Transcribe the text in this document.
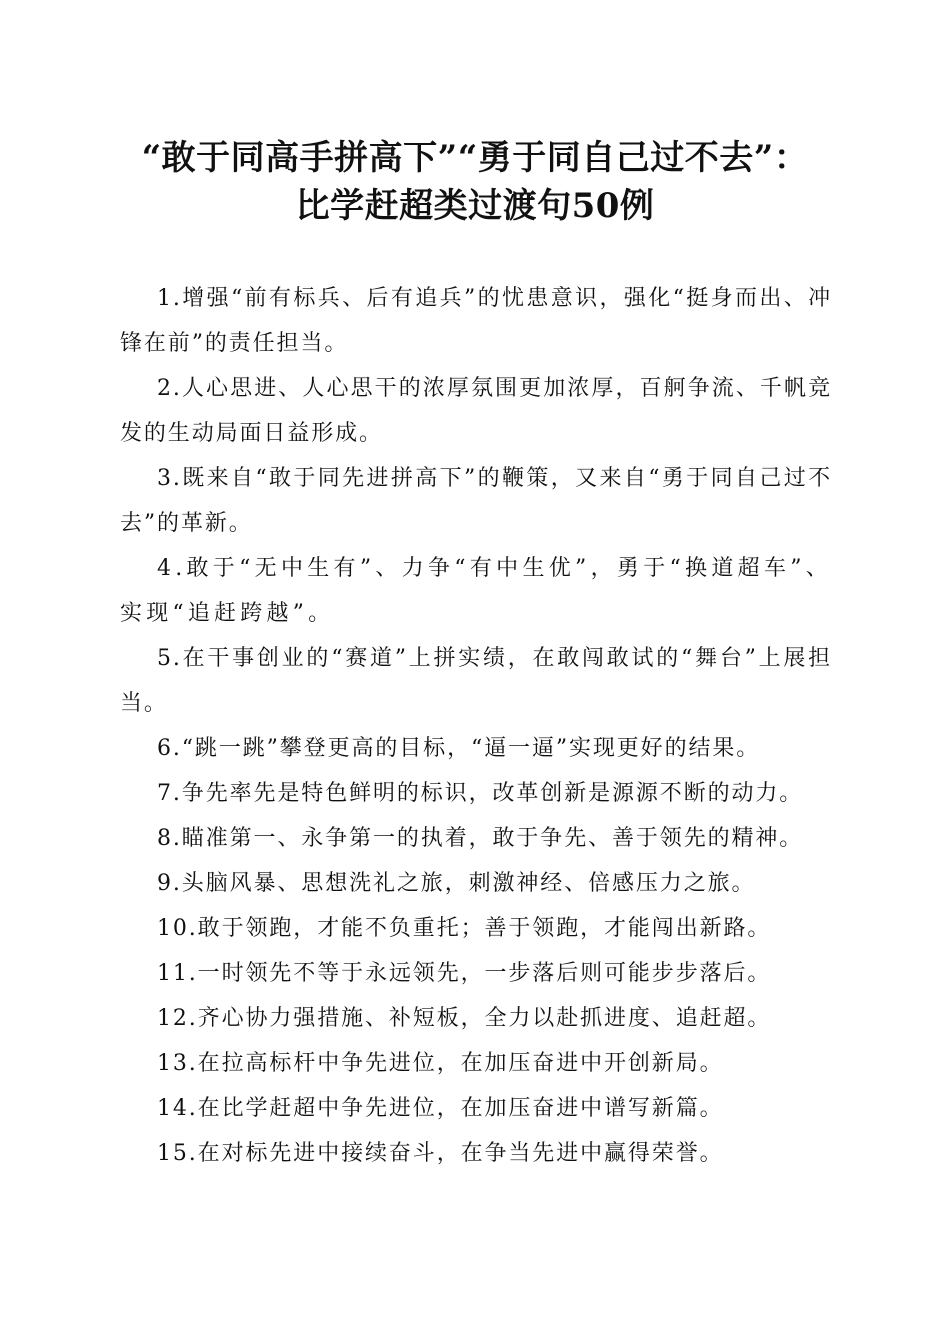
“敢于同高手拼高下”“勇于同自己过不去”：
比学赶超类过渡句50例

1.增强“前有标兵、后有追兵”的忧患意识，强化“挺身而出、冲锋在前”的责任担当。

2.人心思进、人心思干的浓厚氛围更加浓厚，百舸争流、千帆竞发的生动局面日益形成。

3.既来自“敢于同先进拼高下”的鞭策，又来自“勇于同自己过不去”的革新。

4.敢于“无中生有”、力争“有中生优”，勇于“换道超车”、实现“追赶跨越”。

5.在干事创业的“赛道”上拼实绩，在敢闯敢试的“舞台”上展担当。

6.“跳一跳”攀登更高的目标，“逼一逼”实现更好的结果。

7.争先率先是特色鲜明的标识，改革创新是源源不断的动力。

8.瞄准第一、永争第一的执着，敢于争先、善于领先的精神。

9.头脑风暴、思想洗礼之旅，刺激神经、倍感压力之旅。

10.敢于领跑，才能不负重托；善于领跑，才能闯出新路。

11.一时领先不等于永远领先，一步落后则可能步步落后。

12.齐心协力强措施、补短板，全力以赴抓进度、追赶超。

13.在拉高标杆中争先进位，在加压奋进中开创新局。

14.在比学赶超中争先进位，在加压奋进中谱写新篇。

15.在对标先进中接续奋斗，在争当先进中赢得荣誉。
